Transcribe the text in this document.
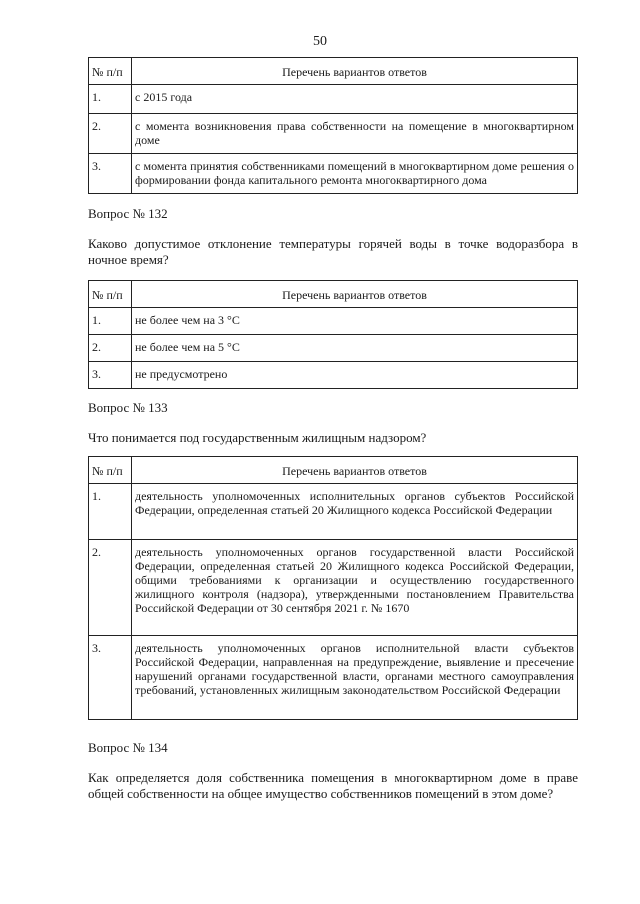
50
№ п/п	Перечень вариантов ответов
1.	с 2015 года
2.	с момента возникновения права собственности на помещение в многоквартирном доме
3.	с момента принятия собственниками помещений в многоквартирном доме решения о формировании фонда капитального ремонта многоквартирного дома
Вопрос № 132
Каково допустимое отклонение температуры горячей воды в точке водоразбора в ночное время?
№ п/п	Перечень вариантов ответов
1.	не более чем на 3 °С
2.	не более чем на 5 °С
3.	не предусмотрено
Вопрос № 133
Что понимается под государственным жилищным надзором?
№ п/п	Перечень вариантов ответов
1.	деятельность уполномоченных исполнительных органов субъектов Российской Федерации, определенная статьей 20 Жилищного кодекса Российской Федерации
2.	деятельность уполномоченных органов государственной власти Российской Федерации, определенная статьей 20 Жилищного кодекса Российской Федерации, общими требованиями к организации и осуществлению государственного жилищного контроля (надзора), утвержденными постановлением Правительства Российской Федерации от 30 сентября 2021 г. № 1670
3.	деятельность уполномоченных органов исполнительной власти субъектов Российской Федерации, направленная на предупреждение, выявление и пресечение нарушений органами государственной власти, органами местного самоуправления требований, установленных жилищным законодательством Российской Федерации
Вопрос № 134
Как определяется доля собственника помещения в многоквартирном доме в праве общей собственности на общее имущество собственников помещений в этом доме?
